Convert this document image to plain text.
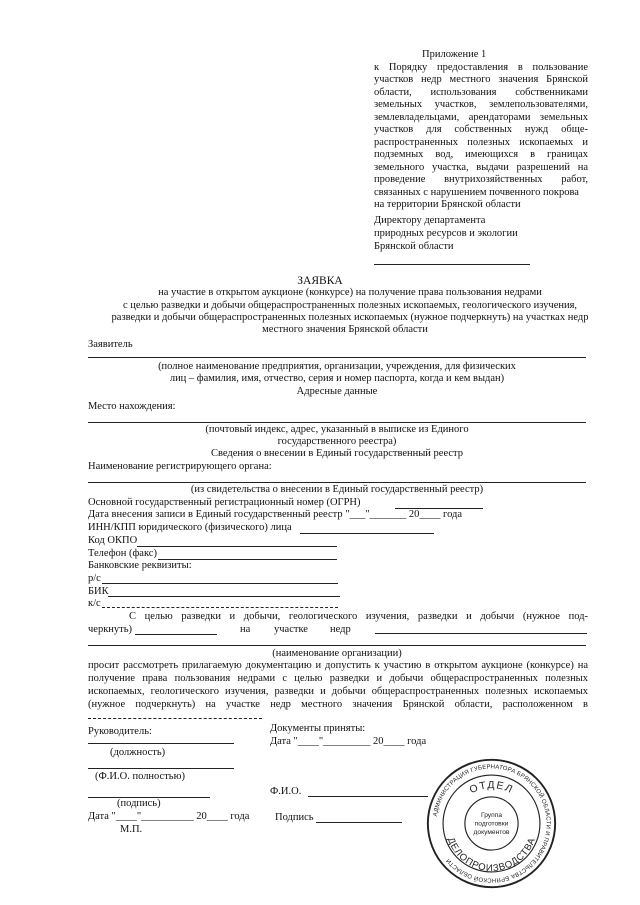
Приложение 1
к Порядку предоставления в пользование
участков недр местного значения Брянской
области, использования собственниками
земельных участков, землепользователями,
землевладельцами, арендаторами земельных
участков для собственных нужд обще-
распространенных полезных ископаемых и
подземных вод, имеющихся в границах
земельного участка, выдачи разрешений на
проведение внутрихозяйственных работ,
связанных с нарушением почвенного покрова
на территории Брянской области
Директору департамента
природных ресурсов и экологии
Брянской области
ЗАЯВКА
на участие в открытом аукционе (конкурсе) на получение права пользования недрами
с целью разведки и добычи общераспространенных полезных ископаемых, геологического изучения,
разведки и добычи общераспространенных полезных ископаемых (нужное подчеркнуть) на участках недр
местного значения Брянской области
Заявитель
(полное наименование предприятия, организации, учреждения, для физических
лиц – фамилия, имя, отчество, серия и номер паспорта, когда и кем выдан)
Адресные данные
Место нахождения:
(почтовый индекс, адрес, указанный в выписке из Единого
государственного реестра)
Сведения о внесении в Единый государственный реестр
Наименование регистрирующего органа:
(из свидетельства о внесении в Единый государственный реестр)
Основной государственный регистрационный номер (ОГРН)
Дата внесения записи в Единый государственный реестр "___"_______ 20____ года
ИНН/КПП юридического (физического) лица
Код ОКПО
Телефон (факс)
Банковские реквизиты:
р/с
БИК
к/с
С целью разведки и добычи, геологического изучения, разведки и добычи (нужное под-
черкнуть)	на участке недр
(наименование организации)
просит рассмотреть прилагаемую документацию и допустить к участию в открытом аукционе (конкурсе) на
получение права пользования недрами с целью разведки и добычи общераспространенных полезных
ископаемых, геологического изучения, разведки и добычи общераспространенных полезных ископаемых
(нужное подчеркнуть) на участке недр местного значения Брянской области, расположенном в
Руководитель:
(должность)
(Ф.И.О. полностью)
(подпись)
Дата "____"__________ 20____ года
М.П.
Документы приняты:
Дата "____"_________ 20____ года
Ф.И.О.
Подпись	АДМИНИСТРАЦИЯ ГУБЕРНАТОРА БРЯНСКОЙ ОБЛАСТИ И ПРАВИТЕЛЬСТВА БРЯНСКОЙ ОБЛАСТИ
ОТДЕЛ
ДЕЛОПРОИЗВОДСТВА
Группа
подготовки
документов
